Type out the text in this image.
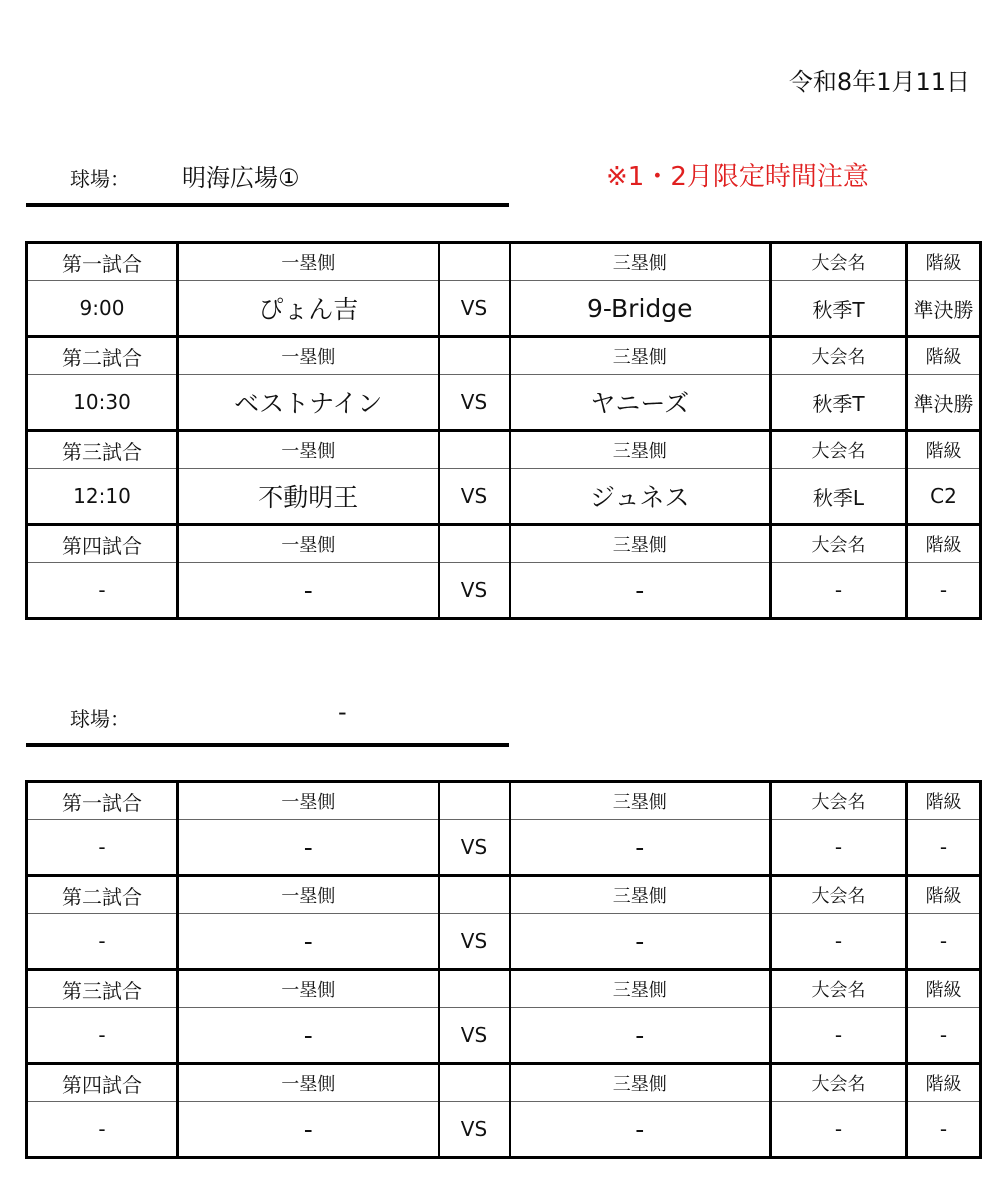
令和8年1月11日
球場： 明海広場①	※1・2月限定時間注意
第一試合	一塁側		三塁側	大会名	階級
9:00	ぴょん吉	VS	9-Bridge	秋季T	準決勝
第二試合	一塁側		三塁側	大会名	階級
10:30	ベストナイン	VS	ヤニーズ	秋季T	準決勝
第三試合	一塁側		三塁側	大会名	階級
12:10	不動明王	VS	ジュネス	秋季L	C2
第四試合	一塁側		三塁側	大会名	階級
-	-	VS	-	-	-
球場：	-
第一試合	一塁側		三塁側	大会名	階級
-	-	VS	-	-	-
第二試合	一塁側		三塁側	大会名	階級
-	-	VS	-	-	-
第三試合	一塁側		三塁側	大会名	階級
-	-	VS	-	-	-
第四試合	一塁側		三塁側	大会名	階級
-	-	VS	-	-	-
